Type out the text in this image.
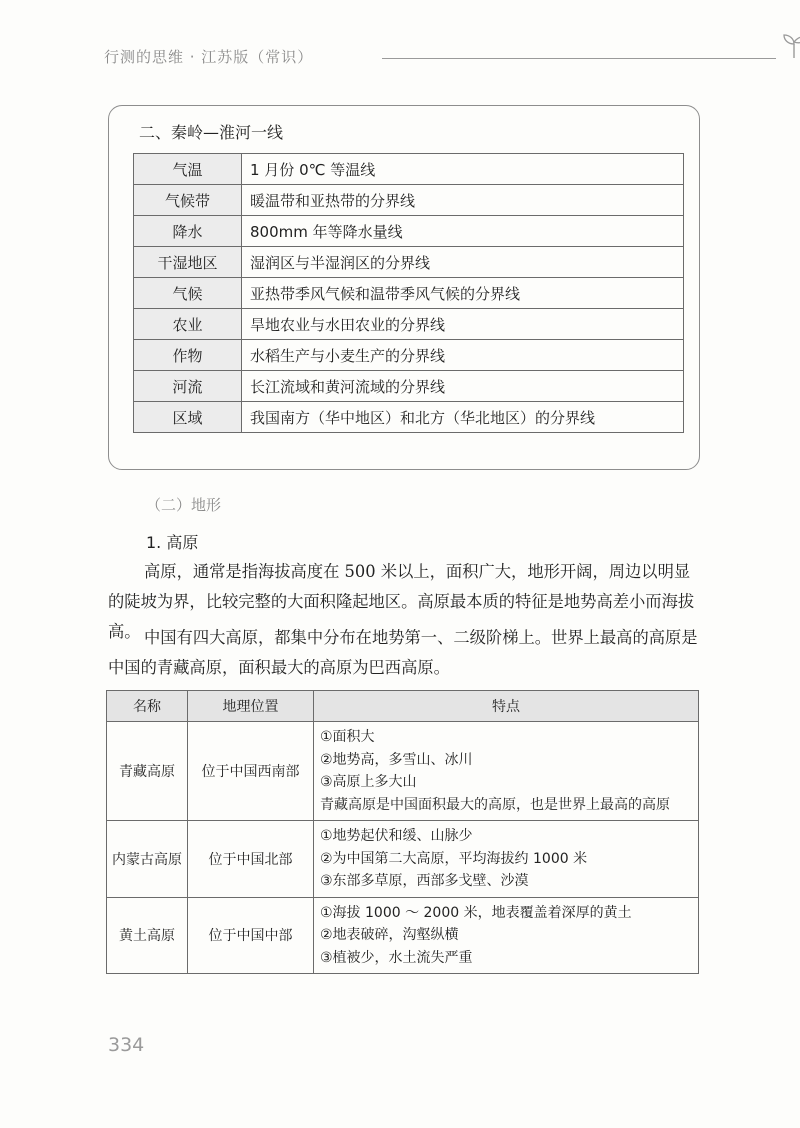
行测的思维 · 江苏版（常识）
二、秦岭—淮河一线
气温	1 月份 0℃ 等温线
气候带	暖温带和亚热带的分界线
降水	800mm 年等降水量线
干湿地区	湿润区与半湿润区的分界线
气候	亚热带季风气候和温带季风气候的分界线
农业	旱地农业与水田农业的分界线
作物	水稻生产与小麦生产的分界线
河流	长江流域和黄河流域的分界线
区域	我国南方（华中地区）和北方（华北地区）的分界线
（二）地形
1. 高原

高原，通常是指海拔高度在 500 米以上，面积广大，地形开阔，周边以明显的陡坡为界，比较完整的大面积隆起地区。高原最本质的特征是地势高差小而海拔高。 中国有四大高原，都集中分布在地势第一、二级阶梯上。世界上最高的高原是中国的青藏高原，面积最大的高原为巴西高原。

名称	地理位置	特点
青藏高原	位于中国西南部	①面积大
②地势高，多雪山、冰川
③高原上多大山
青藏高原是中国面积最大的高原，也是世界上最高的高原

内蒙古高原	位于中国北部	①地势起伏和缓、山脉少
②为中国第二大高原，平均海拔约 1000 米
③东部多草原，西部多戈壁、沙漠

黄土高原	位于中国中部	①海拔 1000 ～ 2000 米，地表覆盖着深厚的黄土
②地表破碎，沟壑纵横
③植被少，水土流失严重
334
